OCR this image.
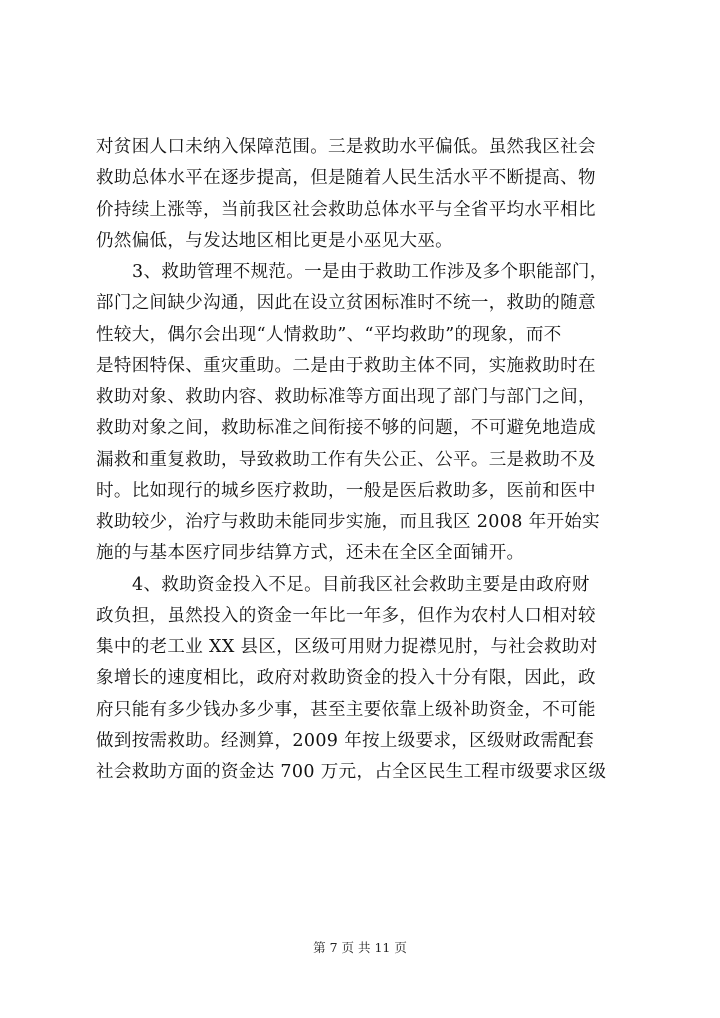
对贫困人口未纳入保障范围。三是救助水平偏低。虽然我区社会
救助总体水平在逐步提高，但是随着人民生活水平不断提高、物
价持续上涨等，当前我区社会救助总体水平与全省平均水平相比
仍然偏低，与发达地区相比更是小巫见大巫。
3、救助管理不规范。一是由于救助工作涉及多个职能部门，
部门之间缺少沟通，因此在设立贫困标准时不统一，救助的随意
性较大，偶尔会出现“人情救助”、“平均救助”的现象，而不
是特困特保、重灾重助。二是由于救助主体不同，实施救助时在
救助对象、救助内容、救助标准等方面出现了部门与部门之间，
救助对象之间，救助标准之间衔接不够的问题，不可避免地造成
漏救和重复救助，导致救助工作有失公正、公平。三是救助不及
时。比如现行的城乡医疗救助，一般是医后救助多，医前和医中
救助较少，治疗与救助未能同步实施，而且我区 2008 年开始实
施的与基本医疗同步结算方式，还未在全区全面铺开。
4、救助资金投入不足。目前我区社会救助主要是由政府财
政负担，虽然投入的资金一年比一年多，但作为农村人口相对较
集中的老工业 XX 县区，区级可用财力捉襟见肘，与社会救助对
象增长的速度相比，政府对救助资金的投入十分有限，因此，政
府只能有多少钱办多少事，甚至主要依靠上级补助资金，不可能
做到按需救助。经测算，2009 年按上级要求，区级财政需配套
社会救助方面的资金达 700 万元，占全区民生工程市级要求区级
第 7 页 共 11 页
